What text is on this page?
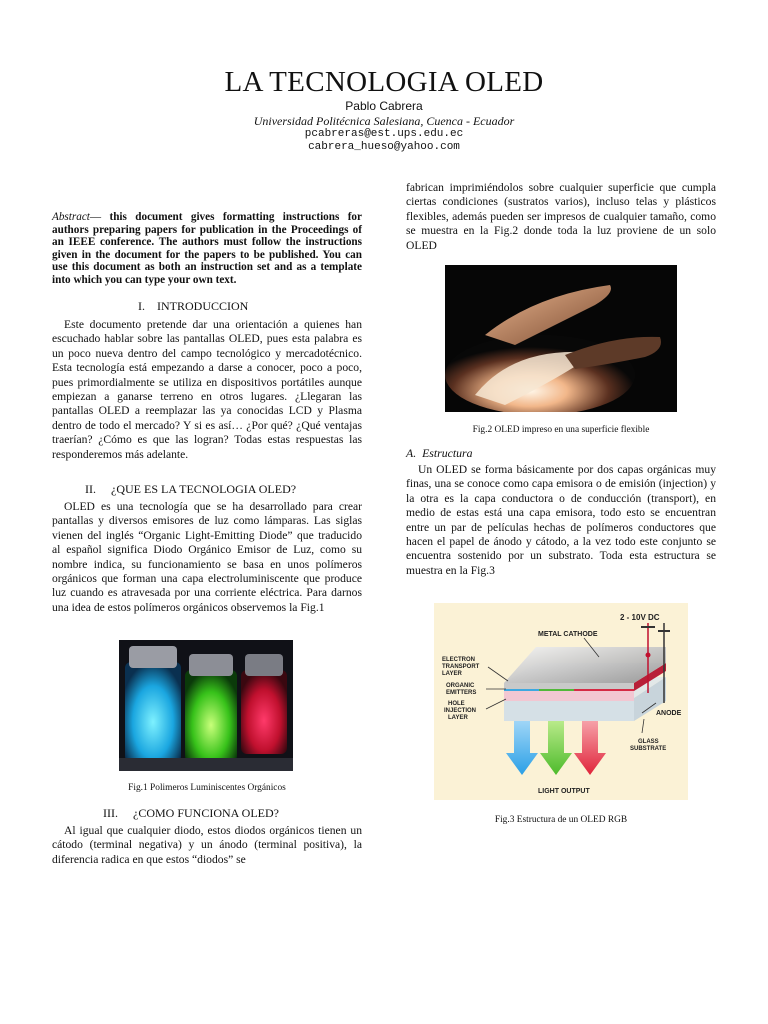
LA TECNOLOGIA OLED
Pablo Cabrera
Universidad Politécnica Salesiana, Cuenca - Ecuador
pcabreras@est.ups.edu.ec
cabrera_hueso@yahoo.com
Abstract— this document gives formatting instructions for authors preparing papers for publication in the Proceedings of an IEEE conference. The authors must follow the instructions given in the document for the papers to be published. You can use this document as both an instruction set and as a template into which you can type your own text.
I. INTRODUCCION

Este documento pretende dar una orientación a quienes han escuchado hablar sobre las pantallas OLED, pues esta palabra es un poco nueva dentro del campo tecnológico y mercadotécnico. Esta tecnología está empezando a darse a conocer, poco a poco, pues primordialmente se utiliza en dispositivos portátiles aunque empiezan a ganarse terreno en otros lugares. ¿Llegaran las pantallas OLED a reemplazar las ya conocidas LCD y Plasma dentro de todo el mercado? Y si es así… ¿Por qué? ¿Qué ventajas traerían? ¿Cómo es que las logran? Todas estas respuestas las responderemos más adelante.

II. ¿QUE ES LA TECNOLOGIA OLED?

OLED es una tecnología que se ha desarrollado para crear pantallas y diversos emisores de luz como lámparas. Las siglas vienen del inglés “Organic Light-Emitting Diode” que traducido al español significa Diodo Orgánico Emisor de Luz, como su nombre indica, su funcionamiento se basa en unos polímeros orgánicos que forman una capa electroluminiscente que produce luz cuando es atravesada por una corriente eléctrica. Para darnos una idea de estos polímeros orgánicos observemos la Fig.1

Fig.1 Polimeros Luminiscentes Orgánicos
III. ¿COMO FUNCIONA OLED?

Al igual que cualquier diodo, estos diodos orgánicos tienen un cátodo (terminal negativa) y un ánodo (terminal positiva), la diferencia radica en que estos “diodos” se

fabrican imprimiéndolos sobre cualquier superficie que cumpla ciertas condiciones (sustratos varios), incluso telas y plásticos flexibles, además pueden ser impresos de cualquier tamaño, como se muestra en la Fig.2 donde toda la luz proviene de un solo OLED

Fig.2 OLED impreso en una superficie flexible
A. Estructura

Un OLED se forma básicamente por dos capas orgánicas muy finas, una se conoce como capa emisora o de emisión (injection) y la otra es la capa conductora o de conducción (transport), en medio de estas está una capa emisora, todo esto se encuentran entre un par de películas hechas de polímeros conductores que hacen el papel de ánodo y cátodo, a la vez todo este conjunto se encuentra sostenido por un substrato. Toda esta estructura se muestra en la Fig.3

2 - 10V DC
METAL CATHODE
ELECTRON
TRANSPORT
LAYER
ORGANIC
EMITTERS
HOLE
INJECTION
LAYER
ANODE
GLASS
SUBSTRATE
LIGHT OUTPUT
Fig.3 Estructura de un OLED RGB
